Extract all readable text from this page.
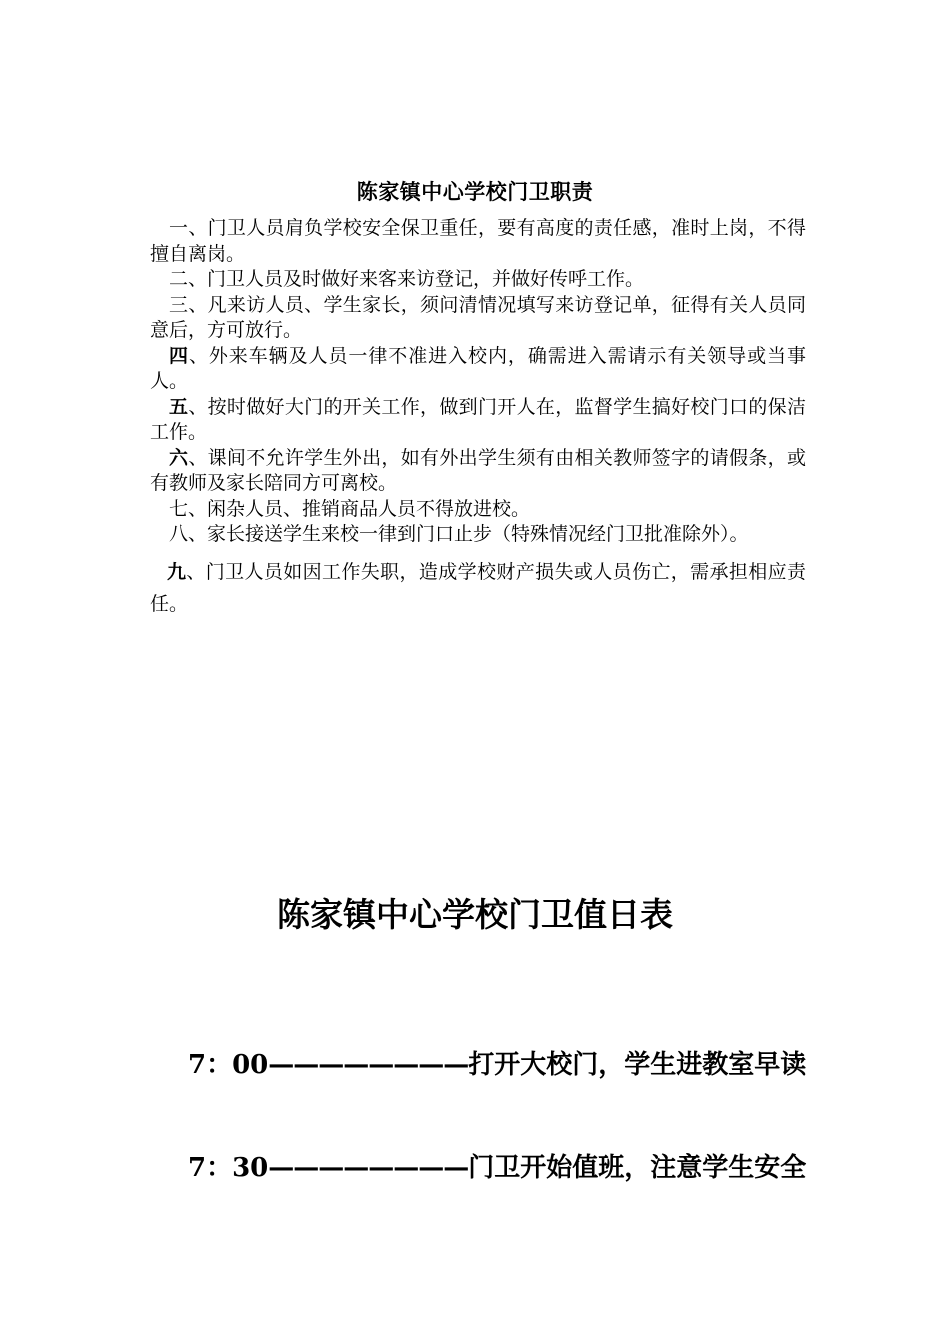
陈家镇中心学校门卫职责

一、门卫人员肩负学校安全保卫重任，要有高度的责任感，准时上岗，不得擅自离岗。

二、门卫人员及时做好来客来访登记，并做好传呼工作。

三、凡来访人员、学生家长，须问清情况填写来访登记单，征得有关人员同意后，方可放行。

四、外来车辆及人员一律不准进入校内，确需进入需请示有关领导或当事人。

五、按时做好大门的开关工作，做到门开人在，监督学生搞好校门口的保洁工作。

六、课间不允许学生外出，如有外出学生须有由相关教师签字的请假条，或有教师及家长陪同方可离校。

七、闲杂人员、推销商品人员不得放进校。

八、家长接送学生来校一律到门口止步（特殊情况经门卫批准除外）。

九、门卫人员如因工作失职，造成学校财产损失或人员伤亡，需承担相应责任。

陈家镇中心学校门卫值日表
7：00————————打开大校门，学生进教室早读
7：30————————门卫开始值班，注意学生安全
